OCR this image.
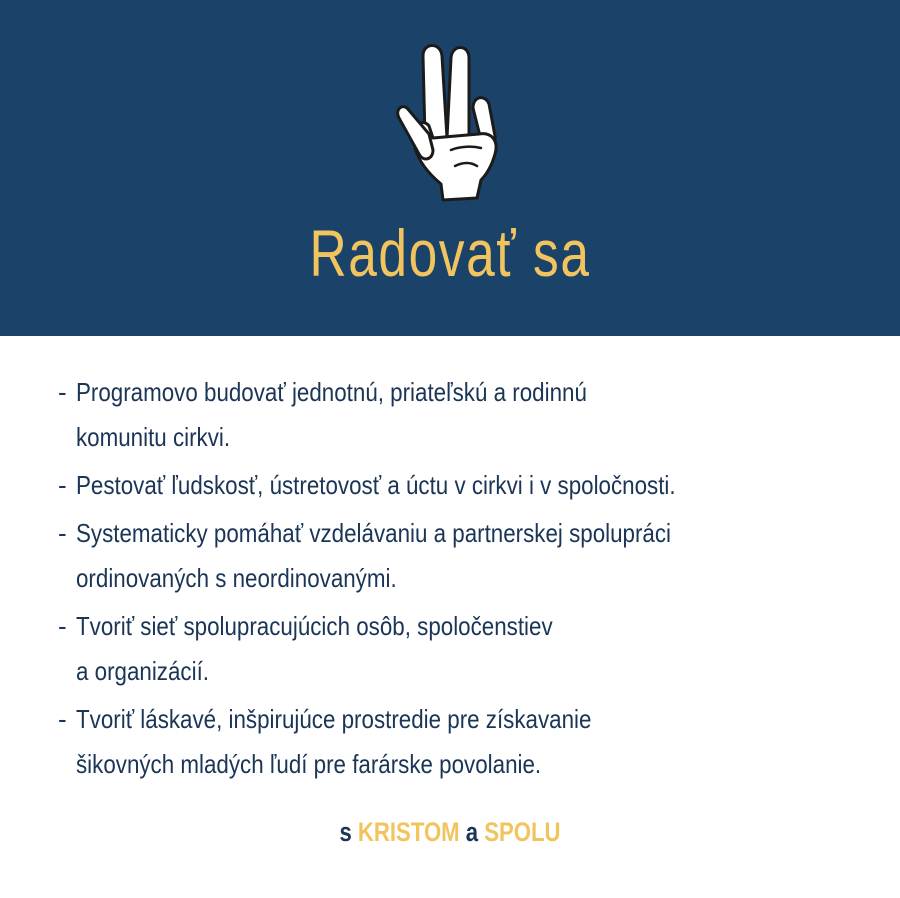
Radovať sa
- Programovo budovať jednotnú, priateľskú a rodinnú
komunitu cirkvi.
- Pestovať ľudskosť, ústretovosť a úctu v cirkvi i v spoločnosti.
- Systematicky pomáhať vzdelávaniu a partnerskej spolupráci
ordinovaných s neordinovanými.
- Tvoriť sieť spolupracujúcich osôb, spoločenstiev
a organizácií.
- Tvoriť láskavé, inšpirujúce prostredie pre získavanie
šikovných mladých ľudí pre farárske povolanie.
s KRISTOM a SPOLU
